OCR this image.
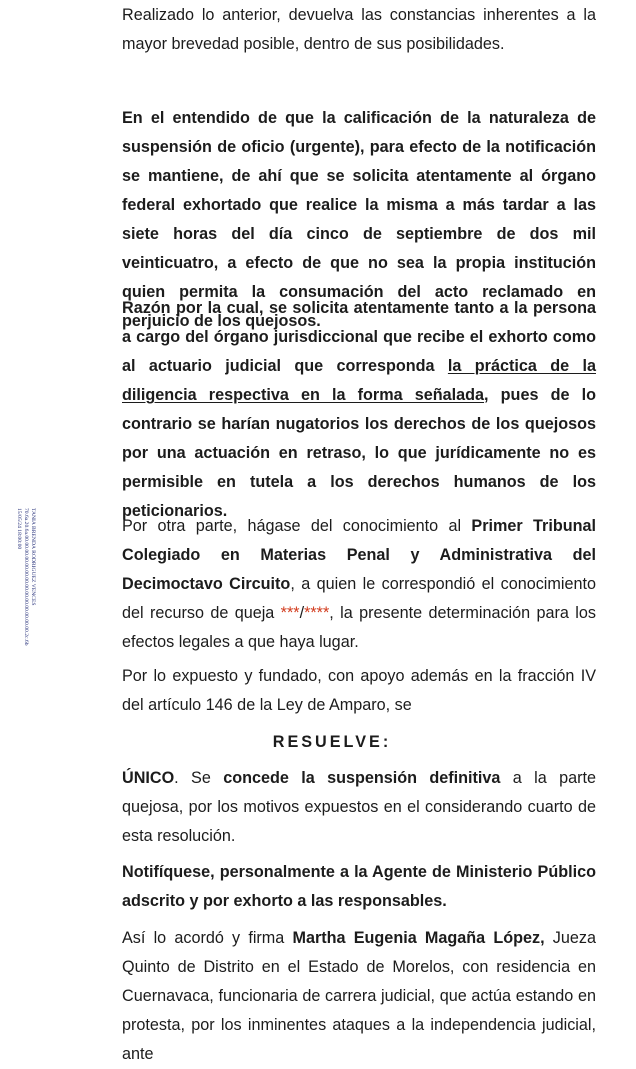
TANIA BRENDA RODRIGUEZ VENCES
70.6a.20.6a.00.00.00.00.00.00.00.00.00.00.00.00.00.00.2c.6b
15/05/24 18:00:00

Realizado lo anterior, devuelva las constancias inherentes a la mayor brevedad posible, dentro de sus posibilidades.

En el entendido de que la calificación de la naturaleza de suspensión de oficio (urgente), para efecto de la notificación se mantiene, de ahí que se solicita atentamente al órgano federal exhortado que realice la misma a más tardar a las siete horas del día cinco de septiembre de dos mil veinticuatro, a efecto de que no sea la propia institución quien permita la consumación del acto reclamado en perjuicio de los quejosos.

Razón por la cual, se solicita atentamente tanto a la persona a cargo del órgano jurisdiccional que recibe el exhorto como al actuario judicial que corresponda la práctica de la diligencia respectiva en la forma señalada, pues de lo contrario se harían nugatorios los derechos de los quejosos por una actuación en retraso, lo que jurídicamente no es permisible en tutela a los derechos humanos de los peticionarios.

Por otra parte, hágase del conocimiento al Primer Tribunal Colegiado en Materias Penal y Administrativa del Decimoctavo Circuito, a quien le correspondió el conocimiento del recurso de queja ***/****, la presente determinación para los efectos legales a que haya lugar.

Por lo expuesto y fundado, con apoyo además en la fracción IV del artículo 146 de la Ley de Amparo, se

RESUELVE:

ÚNICO. Se concede la suspensión definitiva a la parte quejosa, por los motivos expuestos en el considerando cuarto de esta resolución.

Notifíquese, personalmente a la Agente de Ministerio Público adscrito y por exhorto a las responsables.

Así lo acordó y firma Martha Eugenia Magaña López, Jueza Quinto de Distrito en el Estado de Morelos, con residencia en Cuernavaca, funcionaria de carrera judicial, que actúa estando en protesta, por los inminentes ataques a la independencia judicial, ante
